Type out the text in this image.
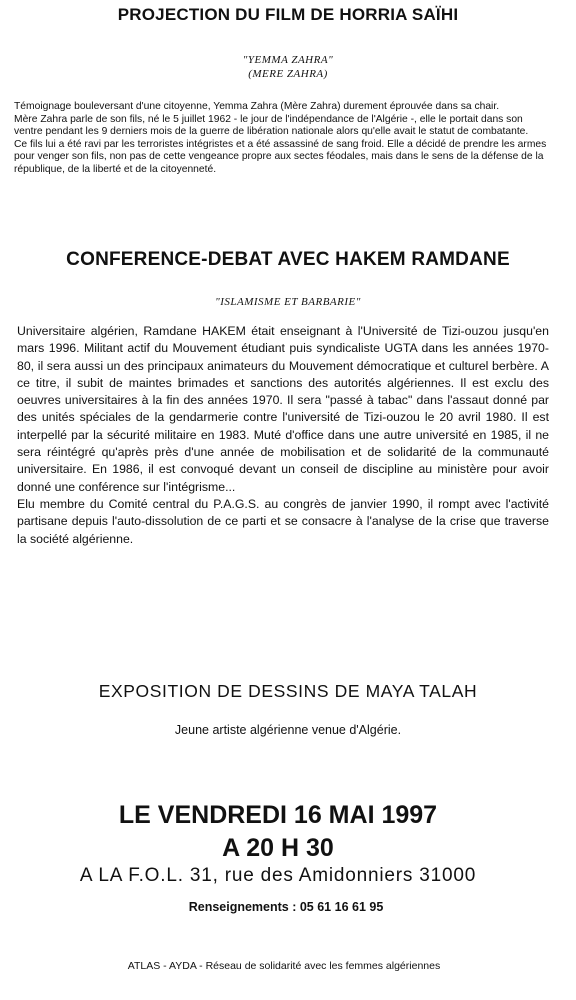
PROJECTION DU FILM DE HORRIA SAÏHI
"YEMMA ZAHRA"
(MERE ZAHRA)

Témoignage bouleversant d'une citoyenne, Yemma Zahra (Mère Zahra) durement éprouvée dans sa chair.

Mère Zahra parle de son fils, né le 5 juillet 1962 - le jour de l'indépendance de l'Algérie -, elle le portait dans son ventre pendant les 9 derniers mois de la guerre de libération nationale alors qu'elle avait le statut de combatante.

Ce fils lui a été ravi par les terroristes intégristes et a été assassiné de sang froid. Elle a décidé de prendre les armes pour venger son fils, non pas de cette vengeance propre aux sectes féodales, mais dans le sens de la défense de la république, de la liberté et de la citoyenneté.

CONFERENCE-DEBAT AVEC HAKEM RAMDANE
"ISLAMISME ET BARBARIE"

Universitaire algérien, Ramdane HAKEM était enseignant à l'Université de Tizi-ouzou jusqu'en mars 1996. Militant actif du Mouvement étudiant puis syndicaliste UGTA dans les années 1970-80, il sera aussi un des principaux animateurs du Mouvement démocratique et culturel berbère. A ce titre, il subit de maintes brimades et sanctions des autorités algériennes. Il est exclu des oeuvres universitaires à la fin des années 1970. Il sera "passé à tabac" dans l'assaut donné par des unités spéciales de la gendarmerie contre l'université de Tizi-ouzou le 20 avril 1980. Il est interpellé par la sécurité militaire en 1983. Muté d'office dans une autre université en 1985, il ne sera réintégré qu'après près d'une année de mobilisation et de solidarité de la communauté universitaire. En 1986, il est convoqué devant un conseil de discipline au ministère pour avoir donné une conférence sur l'intégrisme...

Elu membre du Comité central du P.A.G.S. au congrès de janvier 1990, il rompt avec l'activité partisane depuis l'auto-dissolution de ce parti et se consacre à l'analyse de la crise que traverse la société algérienne.

EXPOSITION DE DESSINS DE MAYA TALAH
Jeune artiste algérienne venue d'Algérie.
LE VENDREDI 16 MAI 1997
A 20 H 30
A LA F.O.L. 31, rue des Amidonniers 31000
Renseignements : 05 61 16 61 95
ATLAS - AYDA - Réseau de solidarité avec les femmes algériennes
